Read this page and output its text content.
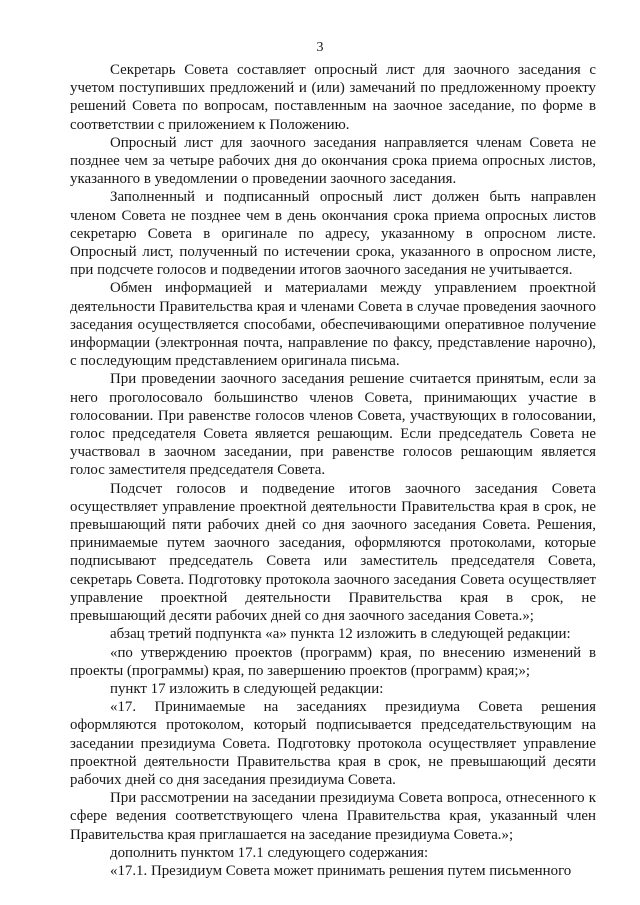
3

Секретарь Совета составляет опросный лист для заочного заседания с учетом поступивших предложений и (или) замечаний по предложенному проекту решений Совета по вопросам, поставленным на заочное заседание, по форме в соответствии с приложением к Положению.

Опросный лист для заочного заседания направляется членам Совета не позднее чем за четыре рабочих дня до окончания срока приема опросных листов, указанного в уведомлении о проведении заочного заседания.

Заполненный и подписанный опросный лист должен быть направлен членом Совета не позднее чем в день окончания срока приема опросных листов секретарю Совета в оригинале по адресу, указанному в опросном листе. Опросный лист, полученный по истечении срока, указанного в опросном листе, при подсчете голосов и подведении итогов заочного заседания не учитывается.

Обмен информацией и материалами между управлением проектной деятельности Правительства края и членами Совета в случае проведения заочного заседания осуществляется способами, обеспечивающими оперативное получение информации (электронная почта, направление по факсу, представление нарочно), с последующим представлением оригинала письма.

При проведении заочного заседания решение считается принятым, если за него проголосовало большинство членов Совета, принимающих участие в голосовании. При равенстве голосов членов Совета, участвующих в голосовании, голос председателя Совета является решающим. Если председатель Совета не участвовал в заочном заседании, при равенстве голосов решающим является голос заместителя председателя Совета.

Подсчет голосов и подведение итогов заочного заседания Совета осуществляет управление проектной деятельности Правительства края в срок, не превышающий пяти рабочих дней со дня заочного заседания Совета. Решения, принимаемые путем заочного заседания, оформляются протоколами, которые подписывают председатель Совета или заместитель председателя Совета, секретарь Совета. Подготовку протокола заочного заседания Совета осуществляет управление проектной деятельности Правительства края в срок, не превышающий десяти рабочих дней со дня заочного заседания Совета.»;

абзац третий подпункта «а» пункта 12 изложить в следующей редакции:

«по утверждению проектов (программ) края, по внесению изменений в проекты (программы) края, по завершению проектов (программ) края;»;

пункт 17 изложить в следующей редакции:

«17. Принимаемые на заседаниях президиума Совета решения оформляются протоколом, который подписывается председательствующим на заседании президиума Совета. Подготовку протокола осуществляет управление проектной деятельности Правительства края в срок, не превышающий десяти рабочих дней со дня заседания президиума Совета.

При рассмотрении на заседании президиума Совета вопроса, отнесенного к сфере ведения соответствующего члена Правительства края, указанный член Правительства края приглашается на заседание президиума Совета.»;

дополнить пунктом 17.1 следующего содержания:

«17.1. Президиум Совета может принимать решения путем письменного
